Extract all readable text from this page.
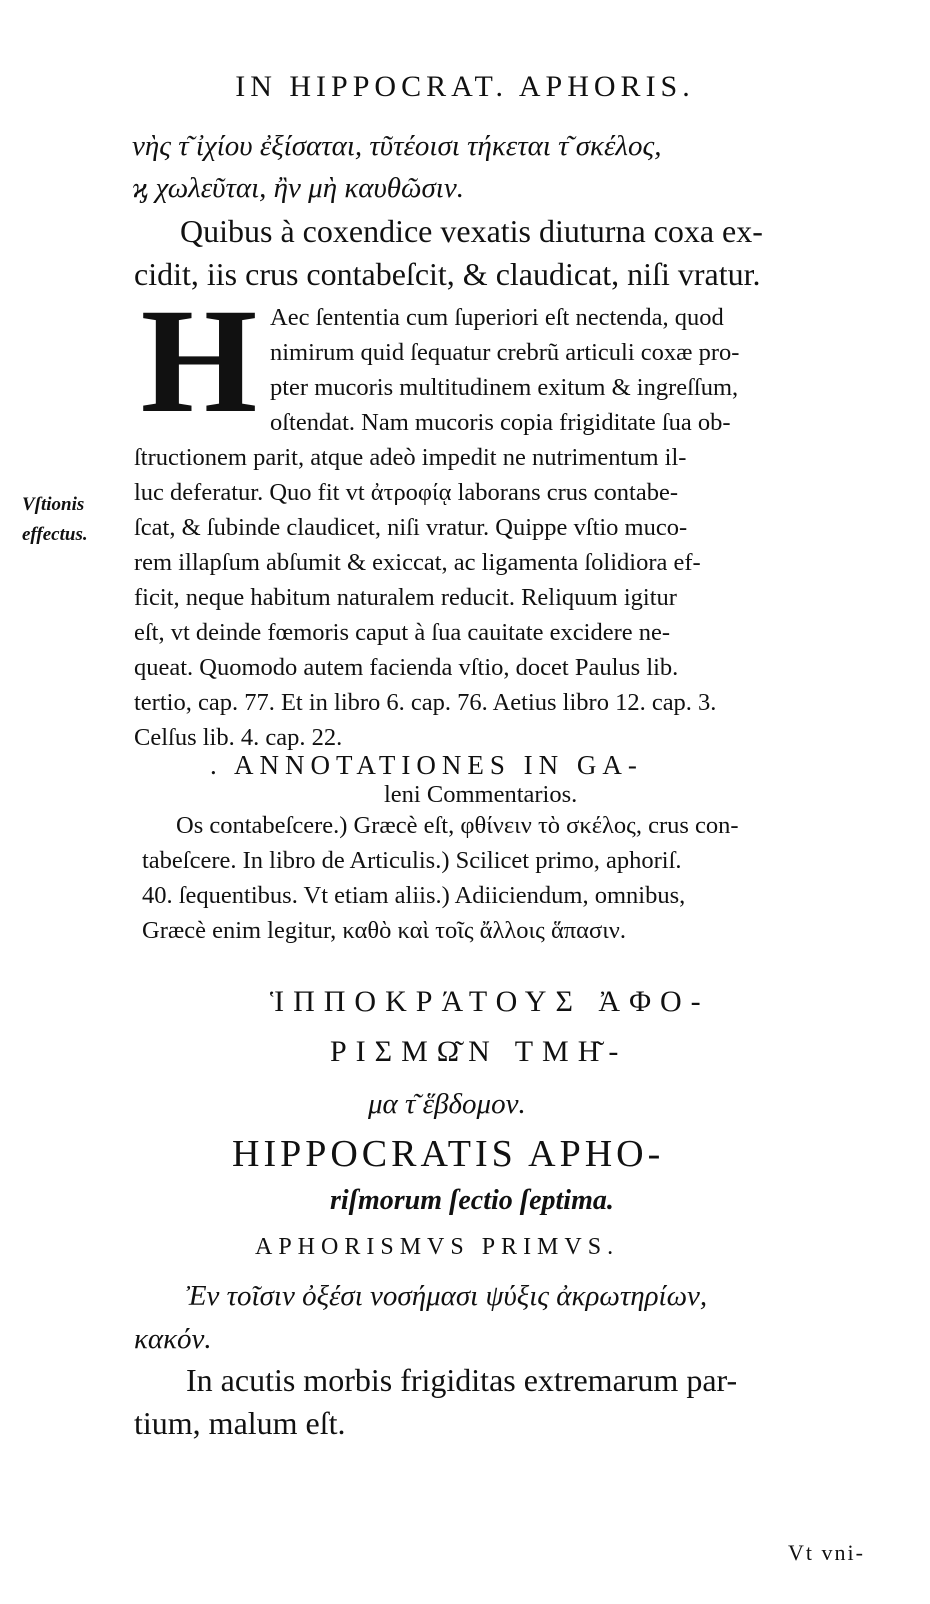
IN HIPPOCRAT. APHORIS.
νὴς τ͂ ἰχίου ἐξίσαται, τῦτέοισι τήκεται τ͂ σκέλος,
ϗ χωλεῦται, ἢν μὴ καυθῶσιν.
Quibus à coxendice vexatis diuturna coxa ex-
cidit, iis crus contabeſcit, & claudicat, niſi vratur.
H Aec ſententia cum ſuperiori eſt nectenda, quod
nimirum quid ſequatur crebrũ articuli coxæ pro-
pter mucoris multitudinem exitum & ingreſſum,
oſtendat. Nam mucoris copia frigiditate ſua ob-
ſtructionem parit, atque adeò impedit ne nutrimentum il-
luc deferatur. Quo fit vt ἀτροφίᾳ laborans crus contabe-
ſcat, & ſubinde claudicet, niſi vratur. Quippe vſtio muco-
rem illapſum abſumit & exiccat, ac ligamenta ſolidiora ef-
ficit, neque habitum naturalem reducit. Reliquum igitur
eſt, vt deinde fœmoris caput à ſua cauitate excidere ne-
queat. Quomodo autem facienda vſtio, docet Paulus lib.
tertio, cap. 77. Et in libro 6. cap. 76. Aetius libro 12. cap. 3.
Celſus lib. 4. cap. 22.
Vſtionis
effectus.
. ANNOTATIONES IN GA-
leni Commentarios.
Os contabeſcere.) Græcè eſt, φθίνειν τὸ σκέλος, crus con-
tabeſcere. In libro de Articulis.) Scilicet primo, aphoriſ.
40. ſequentibus. Vt etiam aliis.) Adiiciendum, omnibus,
Græcè enim legitur, καθὸ καὶ τοῖς ἄλλοις ἅπασιν.
ἹΠΠΟΚΡΆΤΟΥΣ ἈΦΟ-
ΡΙΣΜΩ͂Ν ΤΜΗ͂-
μα τ͂ ἕβδομον.
HIPPOCRATIS APHO-
riſmorum ſectio ſeptima.
APHORISMVS PRIMVS.
Ἐν τοῖσιν ὀξέσι νοσήμασι ψύξις ἀκρωτηρίων,
κακόν.
In acutis morbis frigiditas extremarum par-
tium, malum eſt.
Vt vni-
